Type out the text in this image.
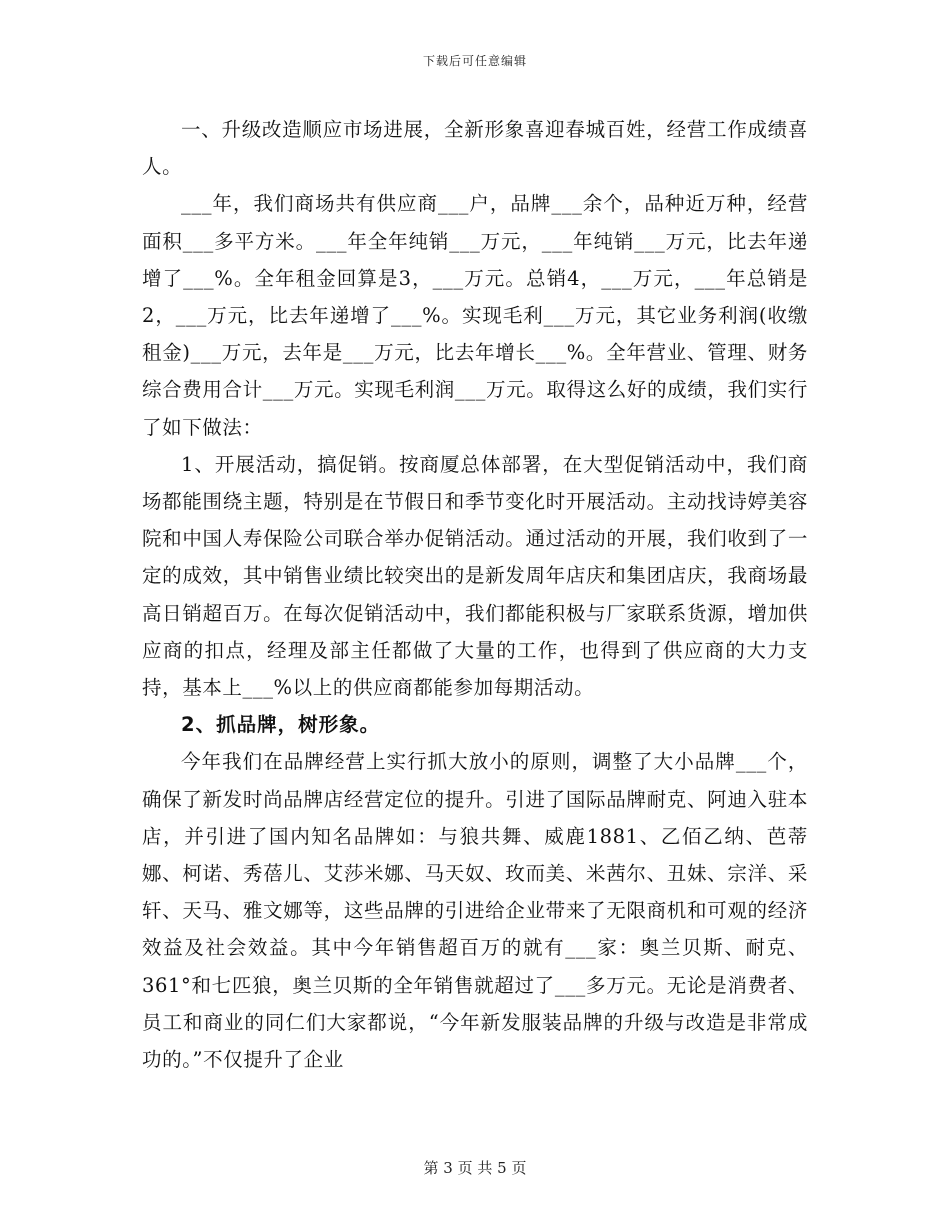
下载后可任意编辑

一、升级改造顺应市场进展，全新形象喜迎春城百姓，经营工作成绩喜人。

___年，我们商场共有供应商___户，品牌___余个，品种近万种，经营面积___多平方米。___年全年纯销___万元，___年纯销___万元，比去年递增了___%。全年租金回算是3，___万元。总销4，___万元，___年总销是2，___万元，比去年递增了___%。实现毛利___万元，其它业务利润(收缴租金)___万元，去年是___万元，比去年增长___%。全年营业、管理、财务综合费用合计___万元。实现毛利润___万元。取得这么好的成绩，我们实行了如下做法：

1、开展活动，搞促销。按商厦总体部署，在大型促销活动中，我们商场都能围绕主题，特别是在节假日和季节变化时开展活动。主动找诗婷美容院和中国人寿保险公司联合举办促销活动。通过活动的开展，我们收到了一定的成效，其中销售业绩比较突出的是新发周年店庆和集团店庆，我商场最高日销超百万。在每次促销活动中，我们都能积极与厂家联系货源，增加供应商的扣点，经理及部主任都做了大量的工作，也得到了供应商的大力支持，基本上___%以上的供应商都能参加每期活动。

2、抓品牌，树形象。

今年我们在品牌经营上实行抓大放小的原则，调整了大小品牌___个，确保了新发时尚品牌店经营定位的提升。引进了国际品牌耐克、阿迪入驻本店，并引进了国内知名品牌如：与狼共舞、威鹿1881、乙佰乙纳、芭蒂娜、柯诺、秀蓓儿、艾莎米娜、马天奴、玫而美、米茜尔、丑妹、宗洋、采轩、天马、雅文娜等，这些品牌的引进给企业带来了无限商机和可观的经济效益及社会效益。其中今年销售超百万的就有___家：奥兰贝斯、耐克、361°和七匹狼，奥兰贝斯的全年销售就超过了___多万元。无论是消费者、员工和商业的同仁们大家都说，“今年新发服装品牌的升级与改造是非常成功的。”不仅提升了企业

第 3 页 共 5 页
